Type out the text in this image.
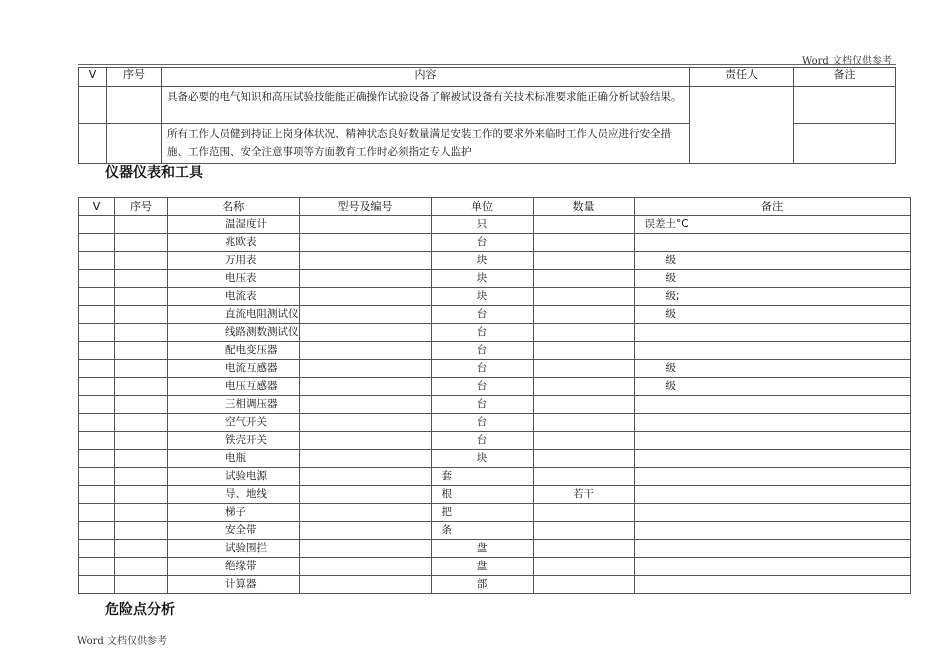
Word 文档仅供参考
V	序号	内容	责任人	备注
		具备必要的电气知识和高压试验技能能正确操作试验设备了解被试设备有关技术标准要求能正确分析试验结果。		
		所有工作人员健到持证上岗身体状况、精神状态良好数量满足安装工作的要求外来临时工作人员应进行安全措施、工作范围、安全注意事项等方面教育工作时必须指定专人监护		
仪器仪表和工具
V	序号	名称	型号及编号	单位	数量	备注
		温湿度计		只		误差土°C
		兆欧表		台		
		万用表		块		级
		电压表		块		级
		电流表		块		级;
		直流电阻测试仪		台		级
		线路测数测试仪		台		
		配电变压器		台		
		电流互感器		台		级
		电压互感器		台		级
		三相调压器		台		
		空气开关		台		
		铁壳开关		台		
		电瓶		块		
		试验电源		套		
		导、地线		根	若干	
		梯子		把		
		安全带		条		
		试验围拦		盘		
		绝缘带		盘		
		计算器		部		
危险点分析
Word 文档仅供参考
